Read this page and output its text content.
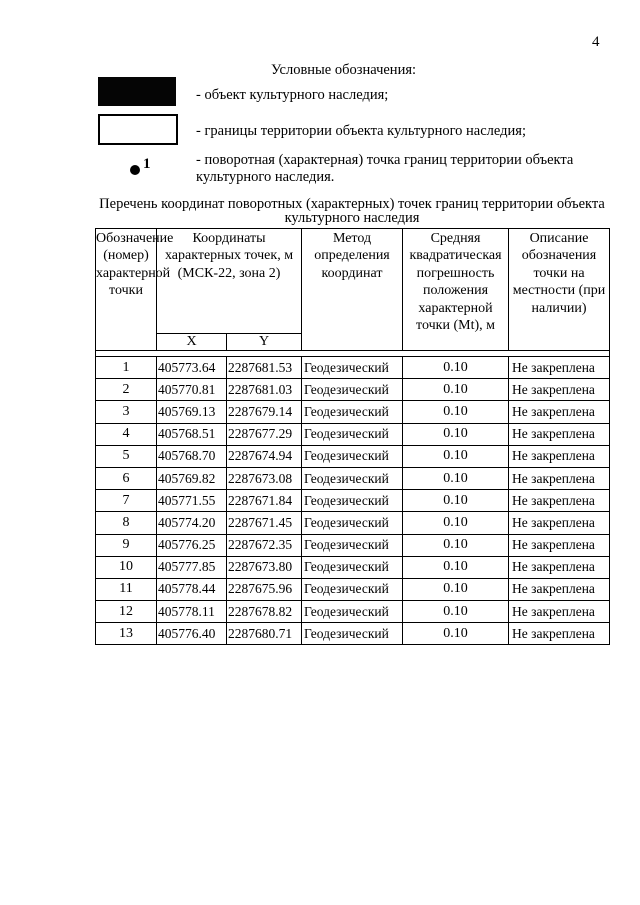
4
Условные обозначения:
- объект культурного наследия;
- границы территории объекта культурного наследия;
1	- поворотная (характерная) точка границ территории объекта культурного наследия.
Перечень координат поворотных (характерных) точек границ территории объекта культурного наследия
Обозначение (номер) характерной точки	Координаты характерных точек, м (МСК-22, зона 2)		Метод определения координат	Средняя квадратическая погрешность положения характерной точки (Mt), м	Описание обозначения точки на местности (при наличии)
	X	Y			

1	405773.64	2287681.53	Геодезический	0.10	Не закреплена
2	405770.81	2287681.03	Геодезический	0.10	Не закреплена
3	405769.13	2287679.14	Геодезический	0.10	Не закреплена
4	405768.51	2287677.29	Геодезический	0.10	Не закреплена
5	405768.70	2287674.94	Геодезический	0.10	Не закреплена
6	405769.82	2287673.08	Геодезический	0.10	Не закреплена
7	405771.55	2287671.84	Геодезический	0.10	Не закреплена
8	405774.20	2287671.45	Геодезический	0.10	Не закреплена
9	405776.25	2287672.35	Геодезический	0.10	Не закреплена
10	405777.85	2287673.80	Геодезический	0.10	Не закреплена
11	405778.44	2287675.96	Геодезический	0.10	Не закреплена
12	405778.11	2287678.82	Геодезический	0.10	Не закреплена
13	405776.40	2287680.71	Геодезический	0.10	Не закреплена
